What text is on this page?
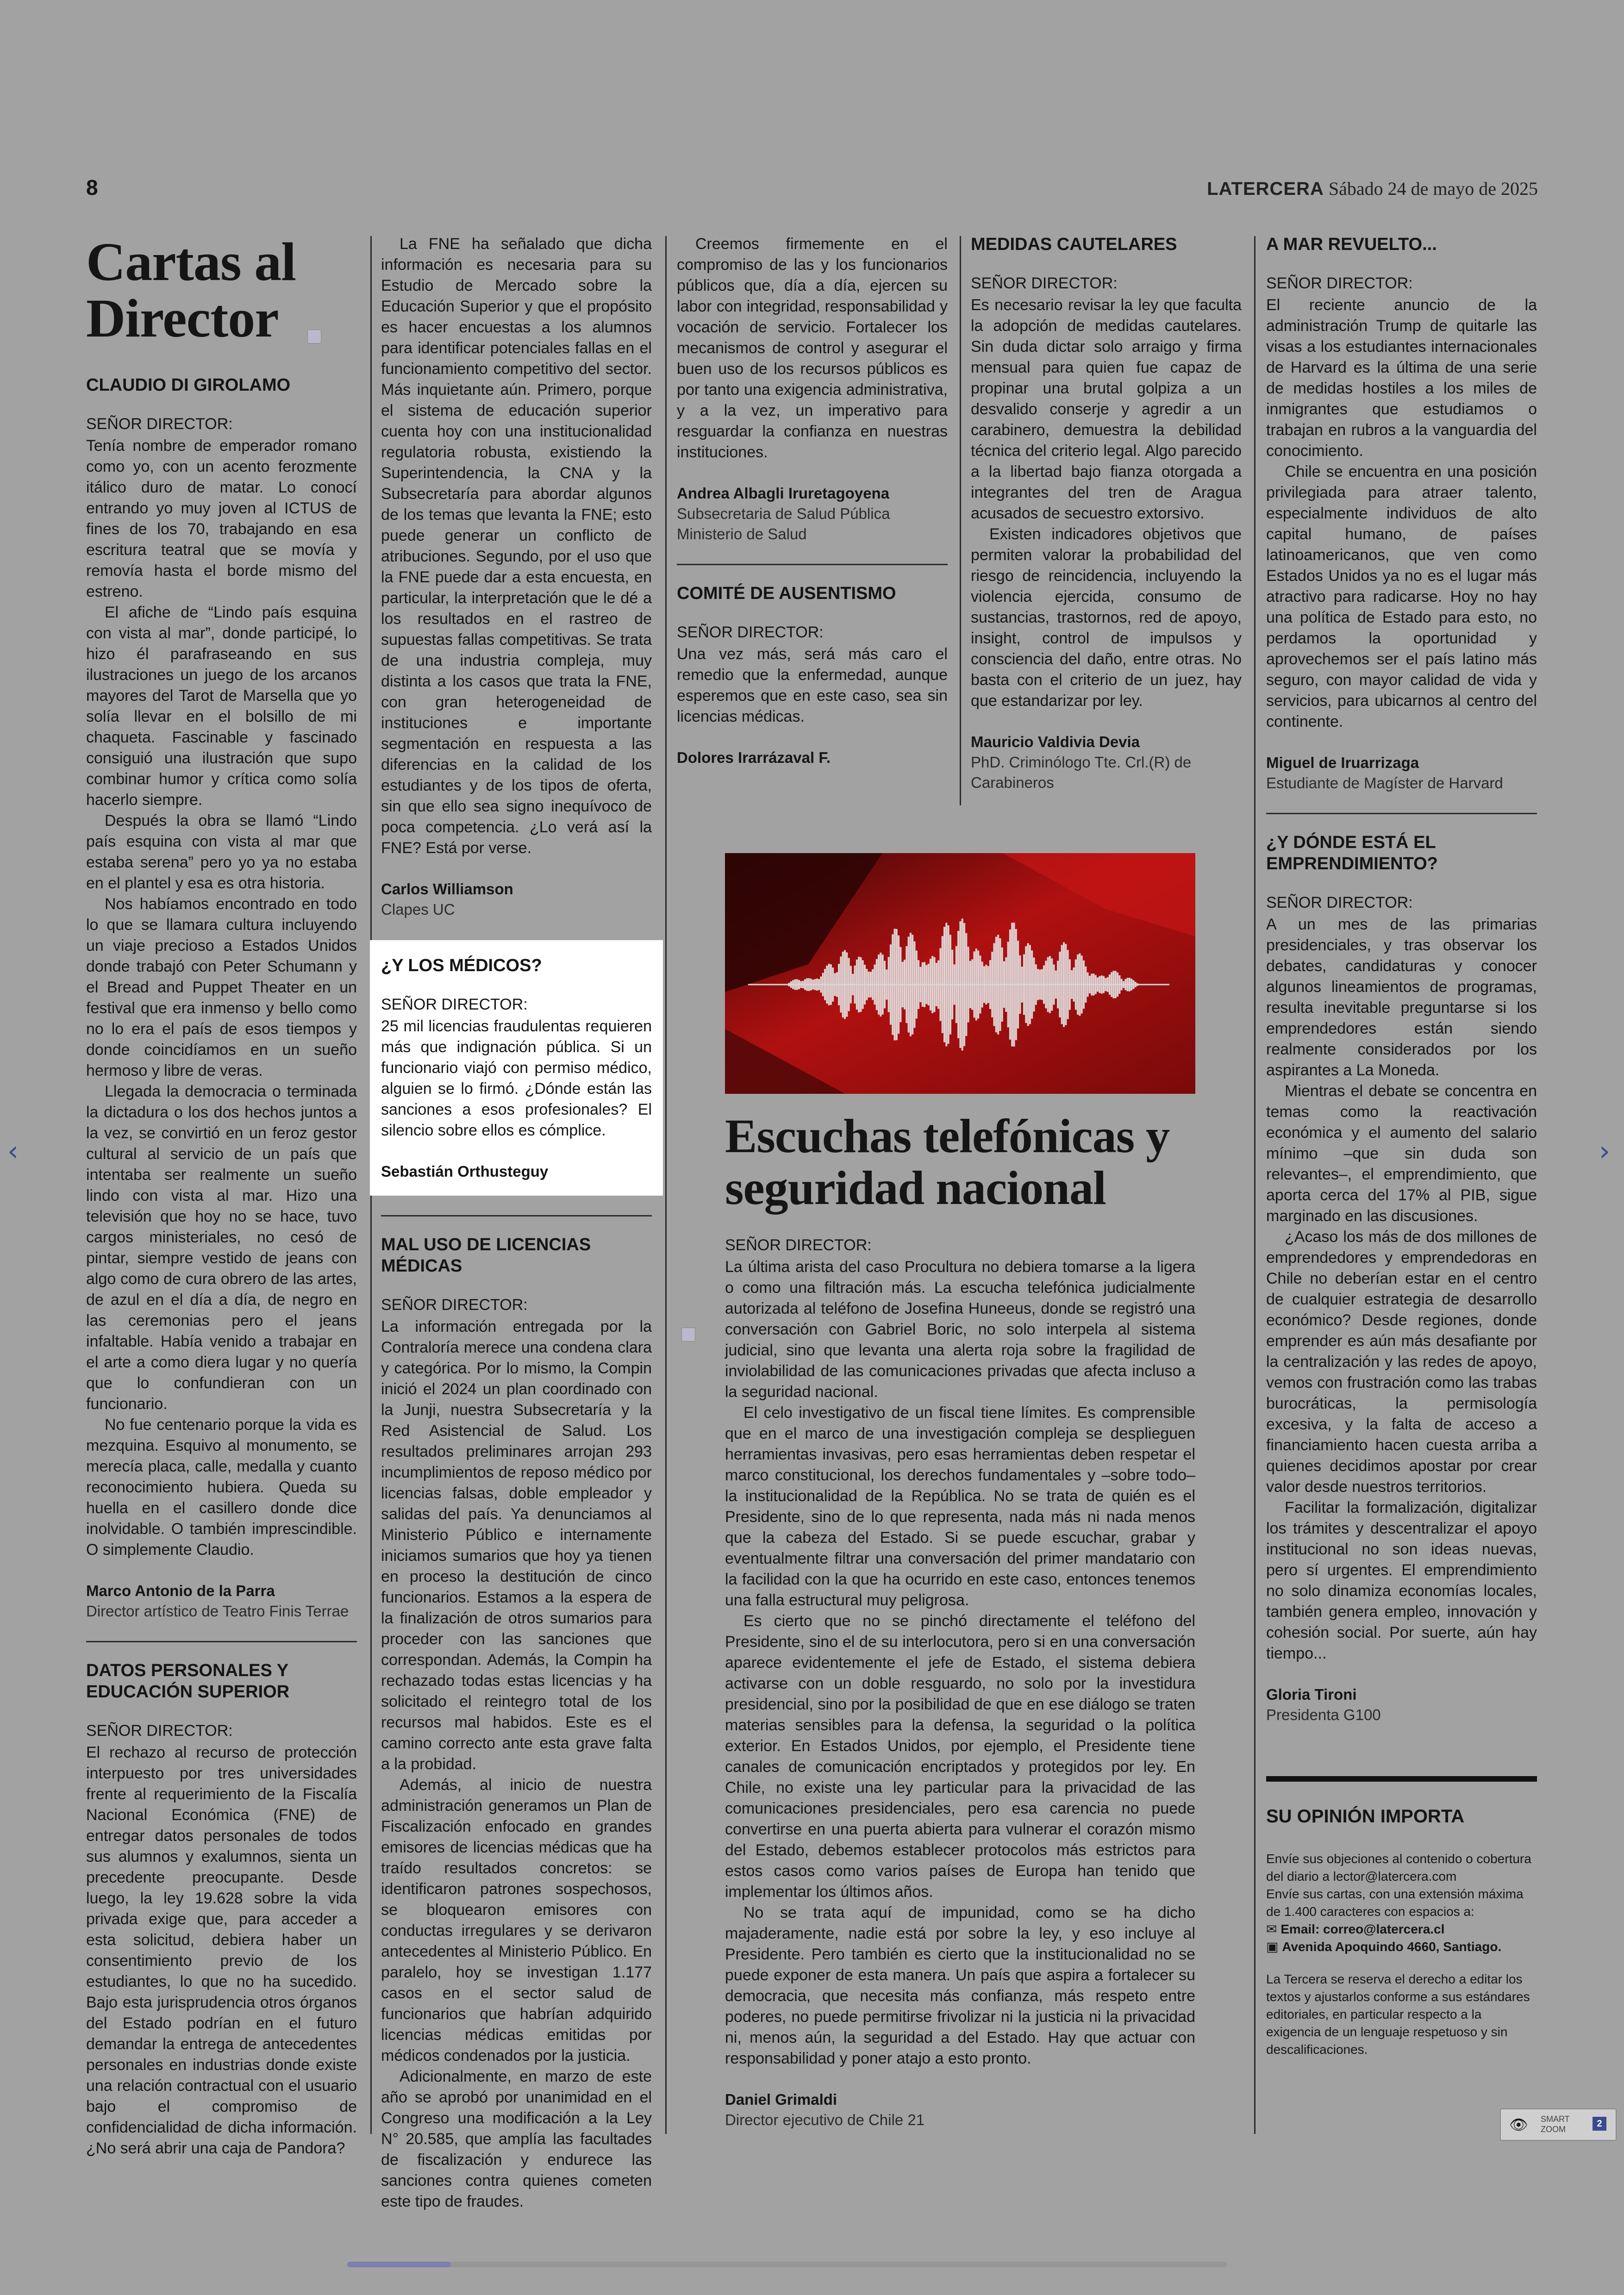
8	LATERCERA Sábado 24 de mayo de 2025
Cartas al Director
CLAUDIO DI GIROLAMO
SEÑOR DIRECTOR:

Tenía nombre de emperador romano como yo, con un acento ferozmente itálico duro de matar. Lo conocí entrando yo muy joven al ICTUS de fines de los 70, trabajando en esa escritura teatral que se movía y removía hasta el borde mismo del estreno.

El afiche de “Lindo país esquina con vista al mar”, donde participé, lo hizo él parafraseando en sus ilustraciones un juego de los arcanos mayores del Tarot de Marsella que yo solía llevar en el bolsillo de mi chaqueta. Fascinable y fascinado consiguió una ilustración que supo combinar humor y crítica como solía hacerlo siempre.

Después la obra se llamó “Lindo país esquina con vista al mar que estaba serena” pero yo ya no estaba en el plantel y esa es otra historia.

Nos habíamos encontrado en todo lo que se llamara cultura incluyendo un viaje precioso a Estados Unidos donde trabajó con Peter Schumann y el Bread and Puppet Theater en un festival que era inmenso y bello como no lo era el país de esos tiempos y donde coincidíamos en un sueño hermoso y libre de veras.

Llegada la democracia o terminada la dictadura o los dos hechos juntos a la vez, se convirtió en un feroz gestor cultural al servicio de un país que intentaba ser realmente un sueño lindo con vista al mar. Hizo una televisión que hoy no se hace, tuvo cargos ministeriales, no cesó de pintar, siempre vestido de jeans con algo como de cura obrero de las artes, de azul en el día a día, de negro en las ceremonias pero el jeans infaltable. Había venido a trabajar en el arte a como diera lugar y no quería que lo confundieran con un funcionario.

No fue centenario porque la vida es mezquina. Esquivo al monumento, se merecía placa, calle, medalla y cuanto reconocimiento hubiera. Queda su huella en el casillero donde dice inolvidable. O también imprescindible. O simplemente Claudio.

Marco Antonio de la Parra
Director artístico de Teatro Finis Terrae
DATOS PERSONALES Y EDUCACIÓN SUPERIOR
SEÑOR DIRECTOR:

El rechazo al recurso de protección interpuesto por tres universidades frente al requerimiento de la Fiscalía Nacional Económica (FNE) de entregar datos personales de todos sus alumnos y exalumnos, sienta un precedente preocupante. Desde luego, la ley 19.628 sobre la vida privada exige que, para acceder a esta solicitud, debiera haber un consentimiento previo de los estudiantes, lo que no ha sucedido. Bajo esta jurisprudencia otros órganos del Estado podrían en el futuro demandar la entrega de antecedentes personales en industrias donde existe una relación contractual con el usuario bajo el compromiso de confidencialidad de dicha información. ¿No será abrir una caja de Pandora?

La FNE ha señalado que dicha información es necesaria para su Estudio de Mercado sobre la Educación Superior y que el propósito es hacer encuestas a los alumnos para identificar potenciales fallas en el funcionamiento competitivo del sector. Más inquietante aún. Primero, porque el sistema de educación superior cuenta hoy con una institucionalidad regulatoria robusta, existiendo la Superintendencia, la CNA y la Subsecretaría para abordar algunos de los temas que levanta la FNE; esto puede generar un conflicto de atribuciones. Segundo, por el uso que la FNE puede dar a esta encuesta, en particular, la interpretación que le dé a los resultados en el rastreo de supuestas fallas competitivas. Se trata de una industria compleja, muy distinta a los casos que trata la FNE, con gran heterogeneidad de instituciones e importante segmentación en respuesta a las diferencias en la calidad de los estudiantes y de los tipos de oferta, sin que ello sea signo inequívoco de poca competencia. ¿Lo verá así la FNE? Está por verse.

Carlos Williamson
Clapes UC
¿Y LOS MÉDICOS?
SEÑOR DIRECTOR:

25 mil licencias fraudulentas requieren más que indignación pública. Si un funcionario viajó con permiso médico, alguien se lo firmó. ¿Dónde están las sanciones a esos profesionales? El silencio sobre ellos es cómplice.

Sebastián Orthusteguy
MAL USO DE LICENCIAS MÉDICAS
SEÑOR DIRECTOR:

La información entregada por la Contraloría merece una condena clara y categórica. Por lo mismo, la Compin inició el 2024 un plan coordinado con la Junji, nuestra Subsecretaría y la Red Asistencial de Salud. Los resultados preliminares arrojan 293 incumplimientos de reposo médico por licencias falsas, doble empleador y salidas del país. Ya denunciamos al Ministerio Público e internamente iniciamos sumarios que hoy ya tienen en proceso la destitución de cinco funcionarios. Estamos a la espera de la finalización de otros sumarios para proceder con las sanciones que correspondan. Además, la Compin ha rechazado todas estas licencias y ha solicitado el reintegro total de los recursos mal habidos. Este es el camino correcto ante esta grave falta a la probidad.

Además, al inicio de nuestra administración generamos un Plan de Fiscalización enfocado en grandes emisores de licencias médicas que ha traído resultados concretos: se identificaron patrones sospechosos, se bloquearon emisores con conductas irregulares y se derivaron antecedentes al Ministerio Público. En paralelo, hoy se investigan 1.177 casos en el sector salud de funcionarios que habrían adquirido licencias médicas emitidas por médicos condenados por la justicia.

Adicionalmente, en marzo de este año se aprobó por unanimidad en el Congreso una modificación a la Ley N° 20.585, que amplía las facultades de fiscalización y endurece las sanciones contra quienes cometen este tipo de fraudes.

Creemos firmemente en el compromiso de las y los funcionarios públicos que, día a día, ejercen su labor con integridad, responsabilidad y vocación de servicio. Fortalecer los mecanismos de control y asegurar el buen uso de los recursos públicos es por tanto una exigencia administrativa, y a la vez, un imperativo para resguardar la confianza en nuestras instituciones.

Andrea Albagli Iruretagoyena
Subsecretaria de Salud Pública Ministerio de Salud
COMITÉ DE AUSENTISMO
SEÑOR DIRECTOR:

Una vez más, será más caro el remedio que la enfermedad, aunque esperemos que en este caso, sea sin licencias médicas.

Dolores Irarrázaval F.
MEDIDAS CAUTELARES
SEÑOR DIRECTOR:

Es necesario revisar la ley que faculta la adopción de medidas cautelares. Sin duda dictar solo arraigo y firma mensual para quien fue capaz de propinar una brutal golpiza a un desvalido conserje y agredir a un carabinero, demuestra la debilidad técnica del criterio legal. Algo parecido a la libertad bajo fianza otorgada a integrantes del tren de Aragua acusados de secuestro extorsivo.

Existen indicadores objetivos que permiten valorar la probabilidad del riesgo de reincidencia, incluyendo la violencia ejercida, consumo de sustancias, trastornos, red de apoyo, insight, control de impulsos y consciencia del daño, entre otras. No basta con el criterio de un juez, hay que estandarizar por ley.

Mauricio Valdivia Devia
PhD. Criminólogo Tte. Crl.(R) de Carabineros
Escuchas telefónicas y seguridad nacional
SEÑOR DIRECTOR:

La última arista del caso Procultura no debiera tomarse a la ligera o como una filtración más. La escucha telefónica judicialmente autorizada al teléfono de Josefina Huneeus, donde se registró una conversación con Gabriel Boric, no solo interpela al sistema judicial, sino que levanta una alerta roja sobre la fragilidad de inviolabilidad de las comunicaciones privadas que afecta incluso a la seguridad nacional.

El celo investigativo de un fiscal tiene límites. Es comprensible que en el marco de una investigación compleja se desplieguen herramientas invasivas, pero esas herramientas deben respetar el marco constitucional, los derechos fundamentales y –sobre todo– la institucionalidad de la República. No se trata de quién es el Presidente, sino de lo que representa, nada más ni nada menos que la cabeza del Estado. Si se puede escuchar, grabar y eventualmente filtrar una conversación del primer mandatario con la facilidad con la que ha ocurrido en este caso, entonces tenemos una falla estructural muy peligrosa.

Es cierto que no se pinchó directamente el teléfono del Presidente, sino el de su interlocutora, pero si en una conversación aparece evidentemente el jefe de Estado, el sistema debiera activarse con un doble resguardo, no solo por la investidura presidencial, sino por la posibilidad de que en ese diálogo se traten materias sensibles para la defensa, la seguridad o la política exterior. En Estados Unidos, por ejemplo, el Presidente tiene canales de comunicación encriptados y protegidos por ley. En Chile, no existe una ley particular para la privacidad de las comunicaciones presidenciales, pero esa carencia no puede convertirse en una puerta abierta para vulnerar el corazón mismo del Estado, debemos establecer protocolos más estrictos para estos casos como varios países de Europa han tenido que implementar los últimos años.

No se trata aquí de impunidad, como se ha dicho majaderamente, nadie está por sobre la ley, y eso incluye al Presidente. Pero también es cierto que la institucionalidad no se puede exponer de esta manera. Un país que aspira a fortalecer su democracia, que necesita más confianza, más respeto entre poderes, no puede permitirse frivolizar ni la justicia ni la privacidad ni, menos aún, la seguridad a del Estado. Hay que actuar con responsabilidad y poner atajo a esto pronto.

Daniel Grimaldi
Director ejecutivo de Chile 21
A MAR REVUELTO...
SEÑOR DIRECTOR:

El reciente anuncio de la administración Trump de quitarle las visas a los estudiantes internacionales de Harvard es la última de una serie de medidas hostiles a los miles de inmigrantes que estudiamos o trabajan en rubros a la vanguardia del conocimiento.

Chile se encuentra en una posición privilegiada para atraer talento, especialmente individuos de alto capital humano, de países latinoamericanos, que ven como Estados Unidos ya no es el lugar más atractivo para radicarse. Hoy no hay una política de Estado para esto, no perdamos la oportunidad y aprovechemos ser el país latino más seguro, con mayor calidad de vida y servicios, para ubicarnos al centro del continente.

Miguel de Iruarrizaga
Estudiante de Magíster de Harvard
¿Y DÓNDE ESTÁ EL EMPRENDIMIENTO?
SEÑOR DIRECTOR:

A un mes de las primarias presidenciales, y tras observar los debates, candidaturas y conocer algunos lineamientos de programas, resulta inevitable preguntarse si los emprendedores están siendo realmente considerados por los aspirantes a La Moneda.

Mientras el debate se concentra en temas como la reactivación económica y el aumento del salario mínimo –que sin duda son relevantes–, el emprendimiento, que aporta cerca del 17% al PIB, sigue marginado en las discusiones.

¿Acaso los más de dos millones de emprendedores y emprendedoras en Chile no deberían estar en el centro de cualquier estrategia de desarrollo económico? Desde regiones, donde emprender es aún más desafiante por la centralización y las redes de apoyo, vemos con frustración como las trabas burocráticas, la permisología excesiva, y la falta de acceso a financiamiento hacen cuesta arriba a quienes decidimos apostar por crear valor desde nuestros territorios.

Facilitar la formalización, digitalizar los trámites y descentralizar el apoyo institucional no son ideas nuevas, pero sí urgentes. El emprendimiento no solo dinamiza economías locales, también genera empleo, innovación y cohesión social. Por suerte, aún hay tiempo...

Gloria Tironi
Presidenta G100
SU OPINIÓN IMPORTA

Envíe sus objeciones al contenido o cobertura del diario a lector@latercera.com

Envíe sus cartas, con una extensión máxima de 1.400 caracteres con espacios a:

✉ Email: correo@latercera.cl

▣ Avenida Apoquindo 4660, Santiago.

La Tercera se reserva el derecho a editar los textos y ajustarlos conforme a sus estándares editoriales, en particular respecto a la exigencia de un lenguaje respetuoso y sin descalificaciones.

‹	›
👁 SMART
ZOOM
2
